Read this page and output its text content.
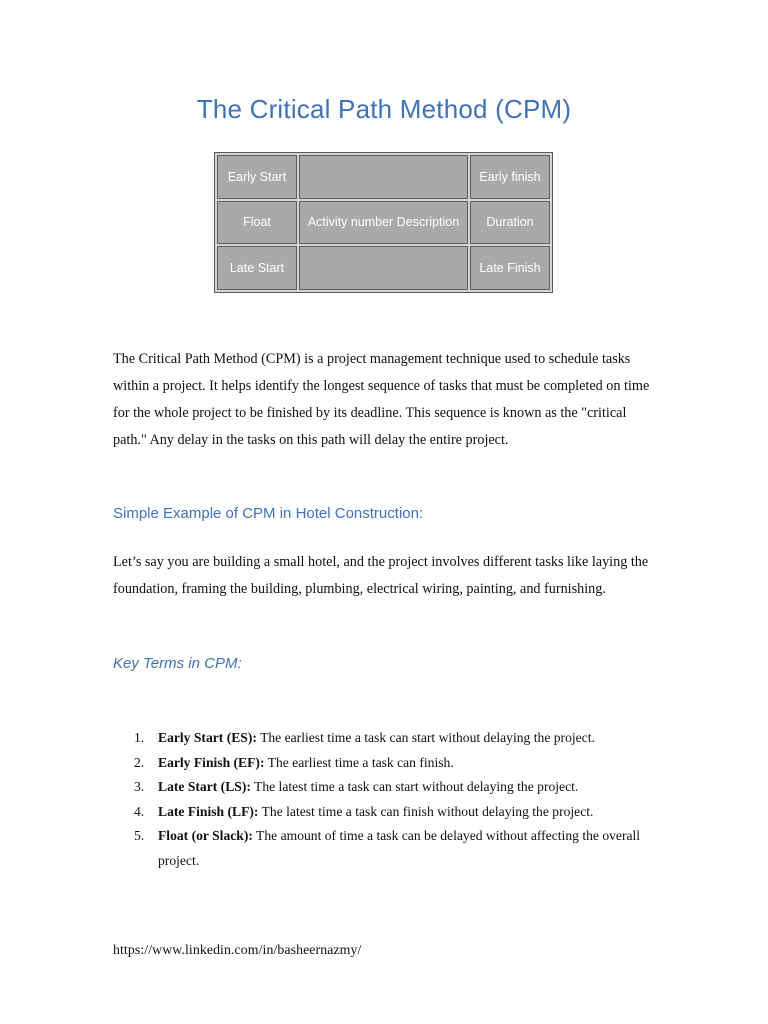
The Critical Path Method (CPM)
Early Start		Early finish
Float	Activity number Description	Duration
Late Start		Late Finish

The Critical Path Method (CPM) is a project management technique used to schedule tasks within a project. It helps identify the longest sequence of tasks that must be completed on time for the whole project to be finished by its deadline. This sequence is known as the "critical path." Any delay in the tasks on this path will delay the entire project.

Simple Example of CPM in Hotel Construction:

Let’s say you are building a small hotel, and the project involves different tasks like laying the foundation, framing the building, plumbing, electrical wiring, painting, and furnishing.

Key Terms in CPM:
1.	Early Start (ES): The earliest time a task can start without delaying the project.
2.	Early Finish (EF): The earliest time a task can finish.
3.	Late Start (LS): The latest time a task can start without delaying the project.
4.	Late Finish (LF): The latest time a task can finish without delaying the project.
5.	Float (or Slack): The amount of time a task can be delayed without affecting the overall project.
https://www.linkedin.com/in/basheernazmy/
